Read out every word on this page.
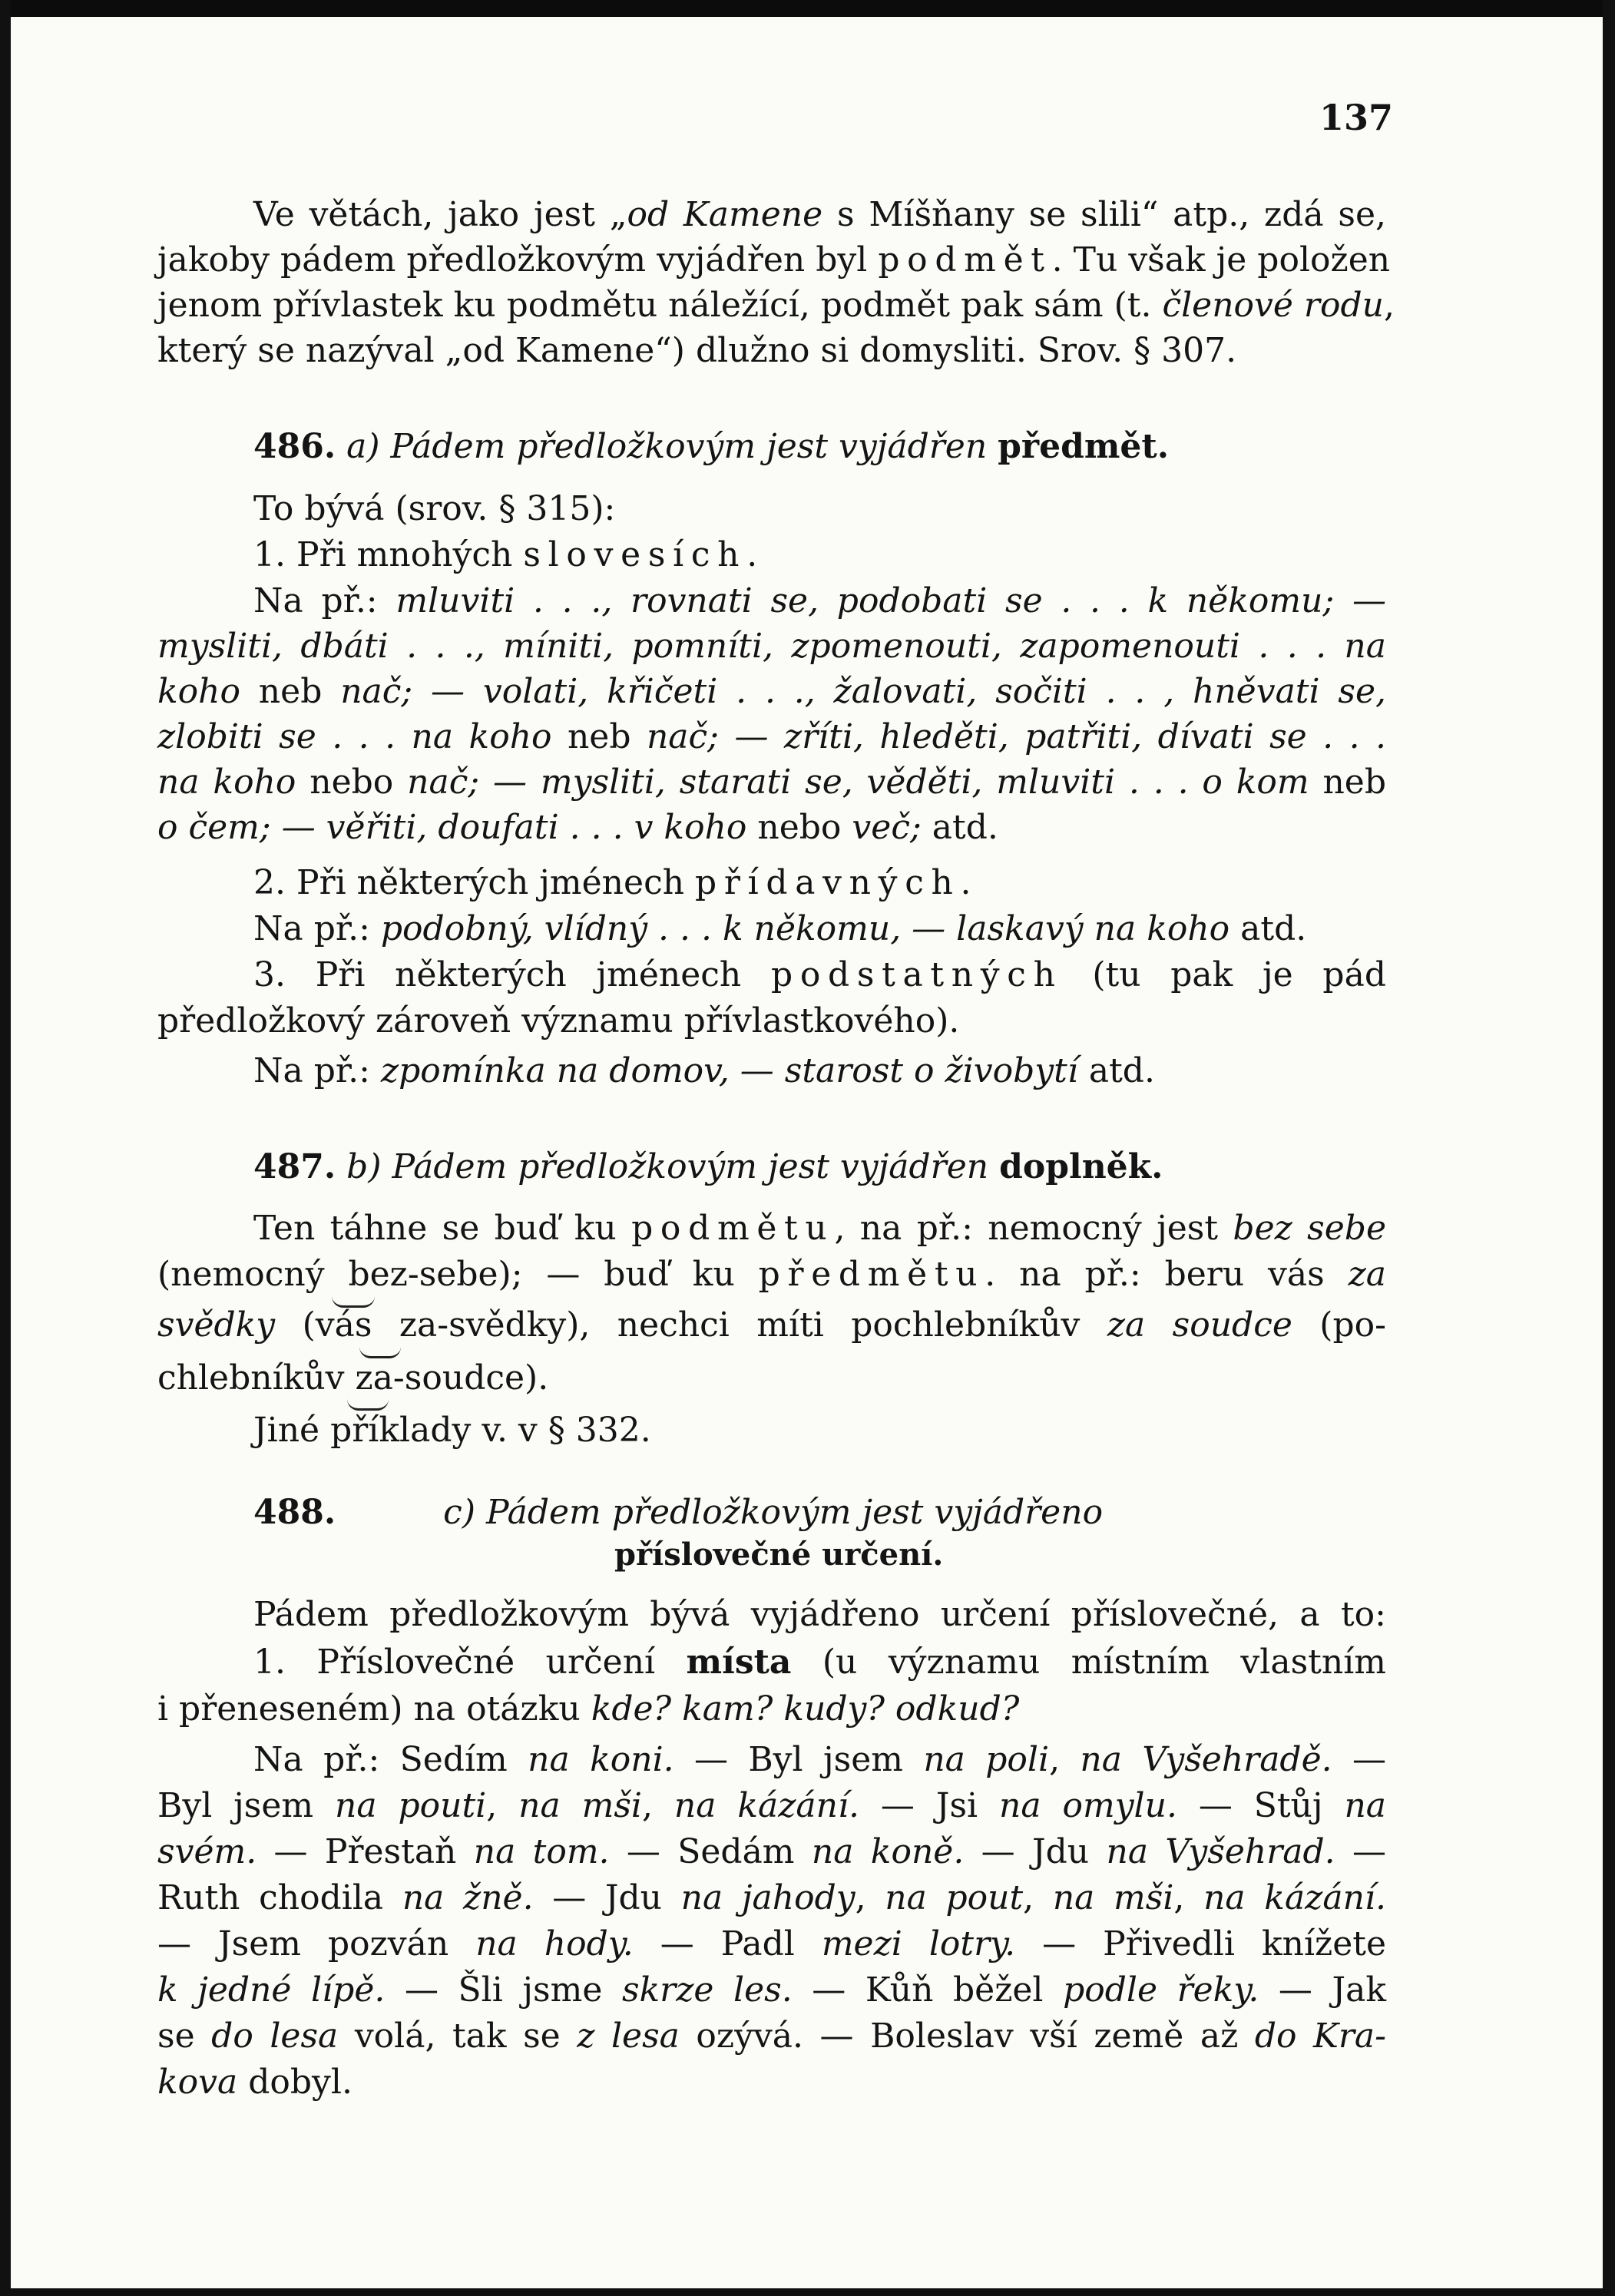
137
Ve větách, jako jest „od Kamene s Míšňany se slili“ atp., zdá se,
jakoby pádem předložkovým vyjádřen byl podmět. Tu však je položen
jenom přívlastek ku podmětu náležící, podmět pak sám (t. členové rodu,
který se nazýval „od Kamene“) dlužno si domysliti. Srov. § 307.
486. a) Pádem předložkovým jest vyjádřen předmět.
To bývá (srov. § 315):
1. Při mnohých slovesích.
Na př.: mluviti . . ., rovnati se, podobati se . . . k někomu; —
mysliti, dbáti . . ., míniti, pomníti, zpomenouti, zapomenouti . . . na
koho neb nač; — volati, křičeti . . ., žalovati, sočiti . . , hněvati se,
zlobiti se . . . na koho neb nač; — zříti, hleděti, patřiti, dívati se . . .
na koho nebo nač; — mysliti, starati se, věděti, mluviti . . . o kom neb
o čem; — věřiti, doufati . . . v koho nebo več; atd.
2. Při některých jménech přídavných.
Na př.: podobný, vlídný . . . k někomu, — laskavý na koho atd.
3. Při některých jménech podstatných (tu pak je pád
předložkový zároveň významu přívlastkového).
Na př.: zpomínka na domov, — starost o živobytí atd.
487. b) Pádem předložkovým jest vyjádřen doplněk.
Ten táhne se buď ku podmětu, na př.: nemocný jest bez sebe
(nemocný bez-sebe); — buď ku předmětu. na př.: beru vás za
svědky (vás za-svědky), nechci míti pochlebníkův za soudce (po-
chlebníkův za-soudce).
Jiné příklady v. v § 332.
488.	c) Pádem předložkovým jest vyjádřeno
příslovečné určení.
Pádem předložkovým bývá vyjádřeno určení příslovečné, a to:
1. Příslovečné určení místa (u významu místním vlastním
i přeneseném) na otázku kde? kam? kudy? odkud?
Na př.: Sedím na koni. — Byl jsem na poli, na Vyšehradě. —
Byl jsem na pouti, na mši, na kázání. — Jsi na omylu. — Stůj na
svém. — Přestaň na tom. — Sedám na koně. — Jdu na Vyšehrad. —
Ruth chodila na žně. — Jdu na jahody, na pout, na mši, na kázání.
— Jsem pozván na hody. — Padl mezi lotry. — Přivedli knížete
k jedné lípě. — Šli jsme skrze les. — Kůň běžel podle řeky. — Jak
se do lesa volá, tak se z lesa ozývá. — Boleslav vší země až do Kra-
kova dobyl.
